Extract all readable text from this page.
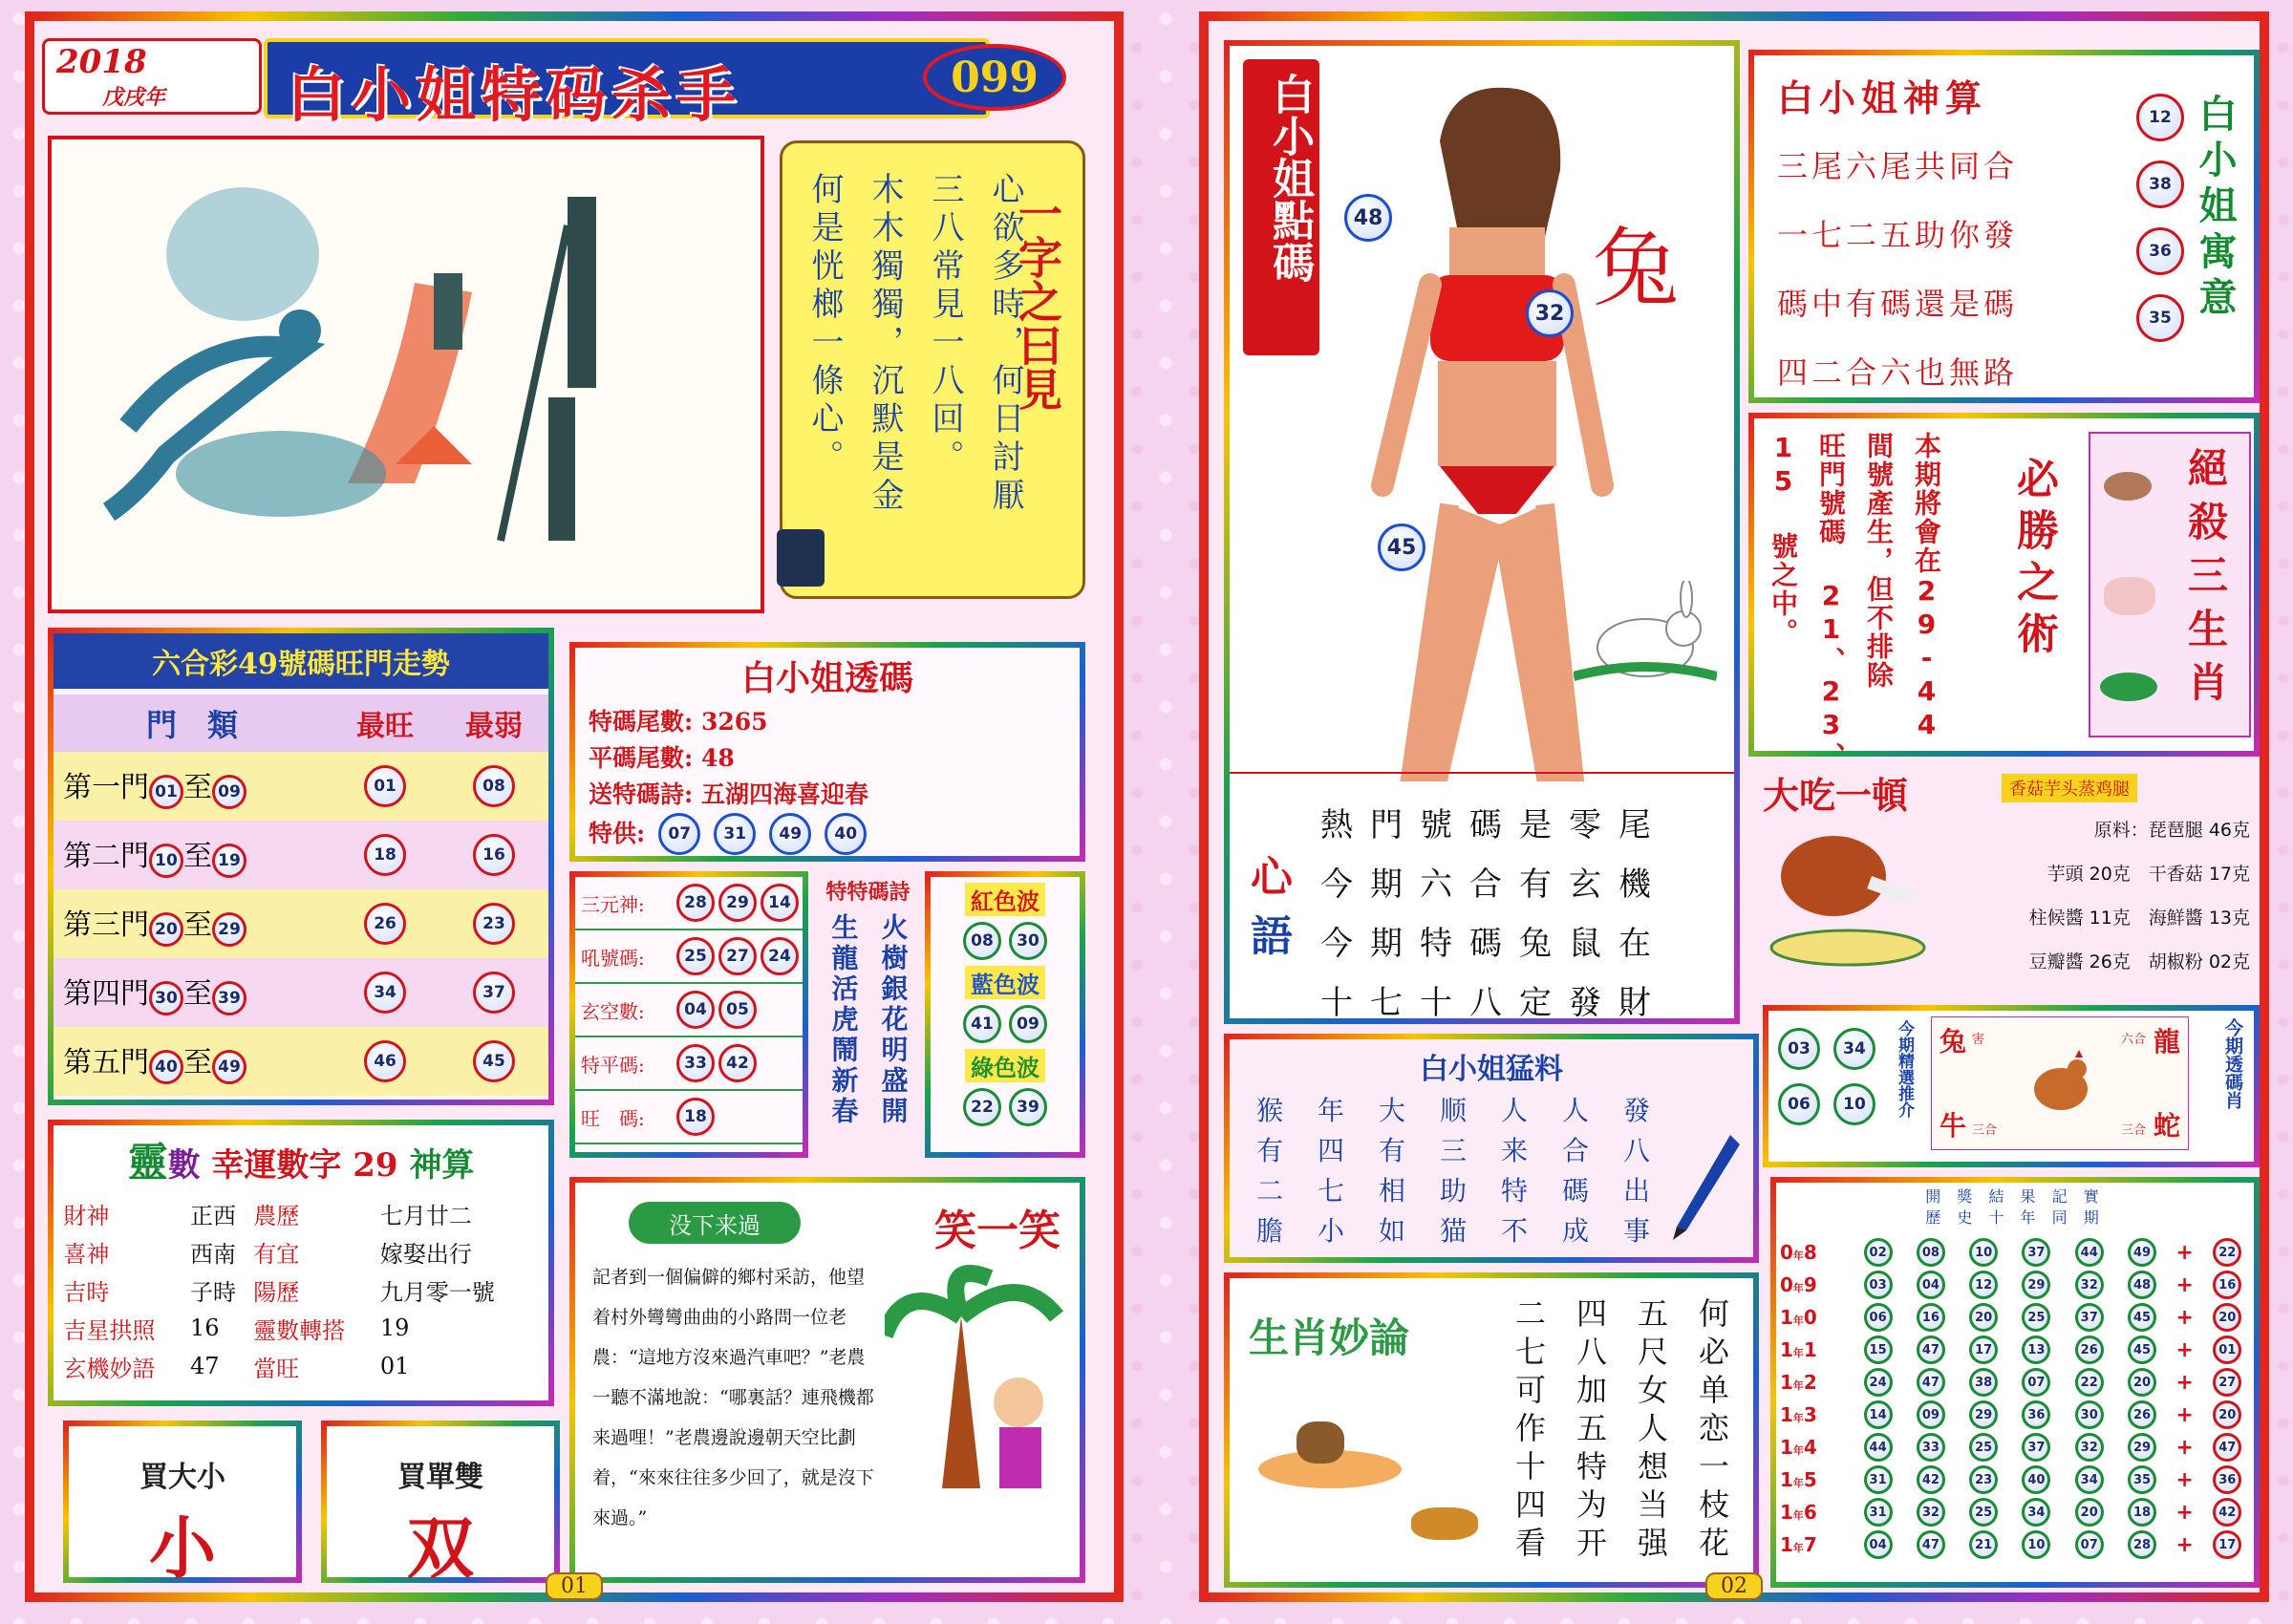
2018
戊戌年 白小姐特码杀手	099
一字之曰見
心欲多時，何日討厭
三八常見一八回。
木木獨獨，沉默是金
何是恍榔一條心。
六合彩49號碼旺門走勢
門　類	最旺	最弱
第一門 01 至 09	01	08
第二門 10 至 19	18	16
第三門 20 至 29	26	23
第四門 30 至 39	34	37
第五門 40 至 49	46	45
白小姐透碼
特碼尾數: 3265
平碼尾數: 48
送特碼詩: 五湖四海喜迎春
特供:	07	31	49	40
三元神:	28	29	14
吼號碼:	25	27	24
玄空數:	04	05
特平碼:	33	42
旺　碼:	18
特特碼詩
火樹銀花明盛開
生龍活虎鬧新春
紅色波
08	30
藍色波
41	09
綠色波
22	39
靈數 幸運數字 29 神算
財神	正西	農歷	七月廿二
喜神	西南	有宜	嫁娶出行
吉時	子時	陽歷	九月零一號
吉星拱照	16	靈數轉搭	19
玄機妙語	47	當旺	01
買大小
小
買單雙
双
没下来過	笑一笑
記者到一個偏僻的鄉村采訪，他望着村外彎彎曲曲的小路問一位老農：“這地方沒來過汽車吧？”老農一聽不滿地說：“哪裏話？連飛機都来過哩！”老農邊說邊朝天空比劃着，“來來往往多少回了，就是沒下來過。”
01
白小姐點碼	48
32
45
兔
心
語
熱門號碼是零尾
今期六合有玄機
今期特碼兔鼠在
十七十八定發財
白小姐神算
三尾六尾共同合
一七二五助你發
碼中有碼還是碼
四二合六也無路
12
38
36
35 白小姐寓意
本期將會在29-44
間號產生，但不排除
旺門號碼 21、23、
15 號之中。	必勝之術	絕殺三生肖
大吃一頓	香菇芋头蒸鸡腿
原料：琵琶腿 46克
芋頭 20克　干香菇 17克
柱候醬 11克　海鮮醬 13克
豆瓣醬 26克　胡椒粉 02克
03	34
06	10	今期精選推介 兔 害	龍
六合
牛 三合	蛇
三合
今期透碼肖
白小姐猛料
猴	年	大	顺	人	人	發
有	四	有	三	来	合	八
二	七	相	助	特	碼	出
膽	小	如	猫	不	成	事
生肖妙論	二七可作十四看 四八加五特为开 五尺女人想当强 何必单恋一枝花
開 獎 結 果 記 實
歷 史 十 年 同 期
0年8	02	08	10	37	44	49	+	22
0年9	03	04	12	29	32	48	+	16
1年0	06	16	20	25	37	45	+	20
1年1	15	47	17	13	26	45	+	01
1年2	24	47	38	07	22	20	+	27
1年3	14	09	29	36	30	26	+	20
1年4	44	33	25	37	32	29	+	47
1年5	31	42	23	40	34	35	+	36
1年6	31	32	25	34	20	18	+	42
1年7	04	47	21	10	07	28	+	17
02
